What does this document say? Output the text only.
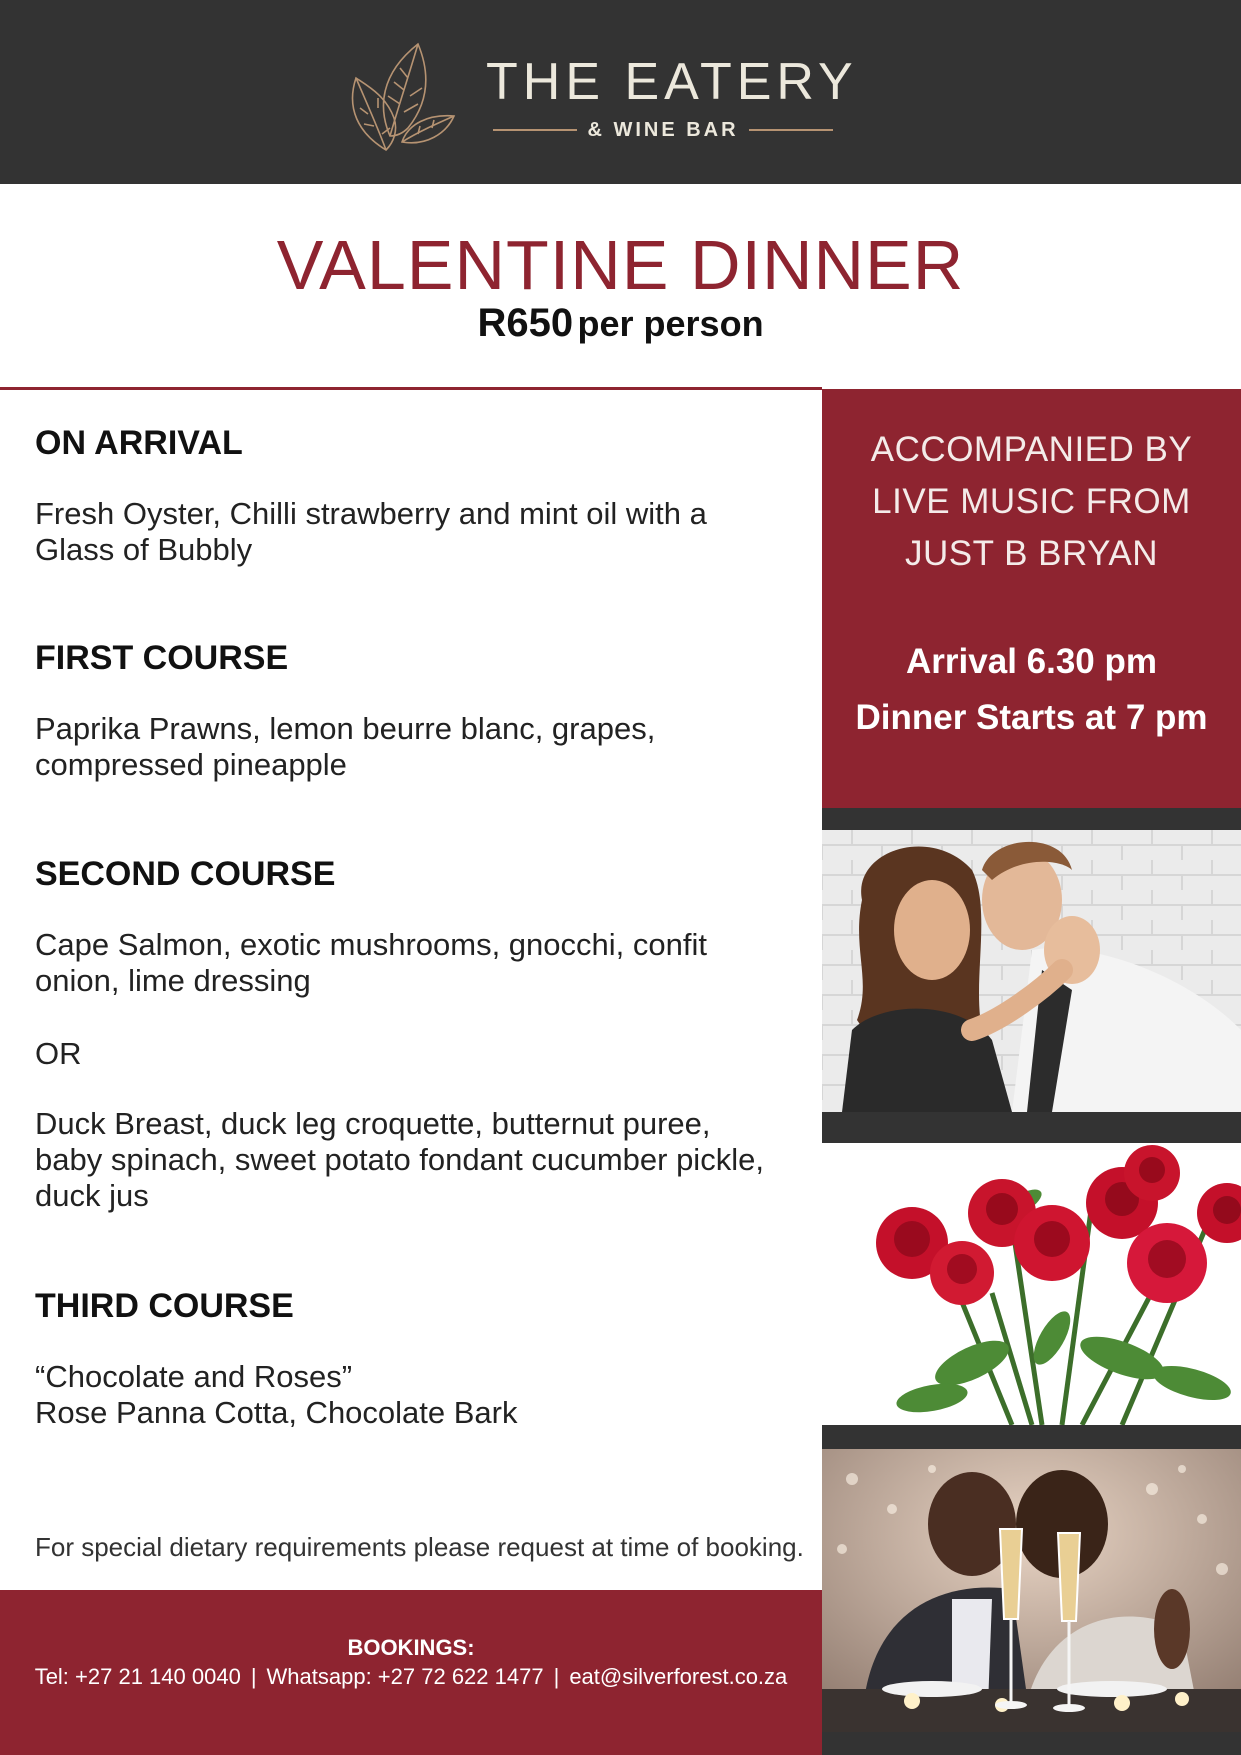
THE EATERY
& WINE BAR
VALENTINE DINNER
R650 per person

ON ARRIVAL

Fresh Oyster, Chilli strawberry and mint oil with a

Glass of Bubbly

FIRST COURSE

Paprika Prawns, lemon beurre blanc, grapes,

compressed pineapple

SECOND COURSE

Cape Salmon, exotic mushrooms, gnocchi, confit

onion, lime dressing

OR

Duck Breast, duck leg croquette, butternut puree,

baby spinach, sweet potato fondant cucumber pickle,

duck jus

THIRD COURSE

“Chocolate and Roses”

Rose Panna Cotta, Chocolate Bark

For special dietary requirements please request at time of booking.
BOOKINGS:
Tel: +27 21 140 0040 | Whatsapp: +27 72 622 1477 | eat@silverforest.co.za
ACCOMPANIED BY
LIVE MUSIC FROM
JUST B BRYAN
Arrival 6.30 pm
Dinner Starts at 7 pm
